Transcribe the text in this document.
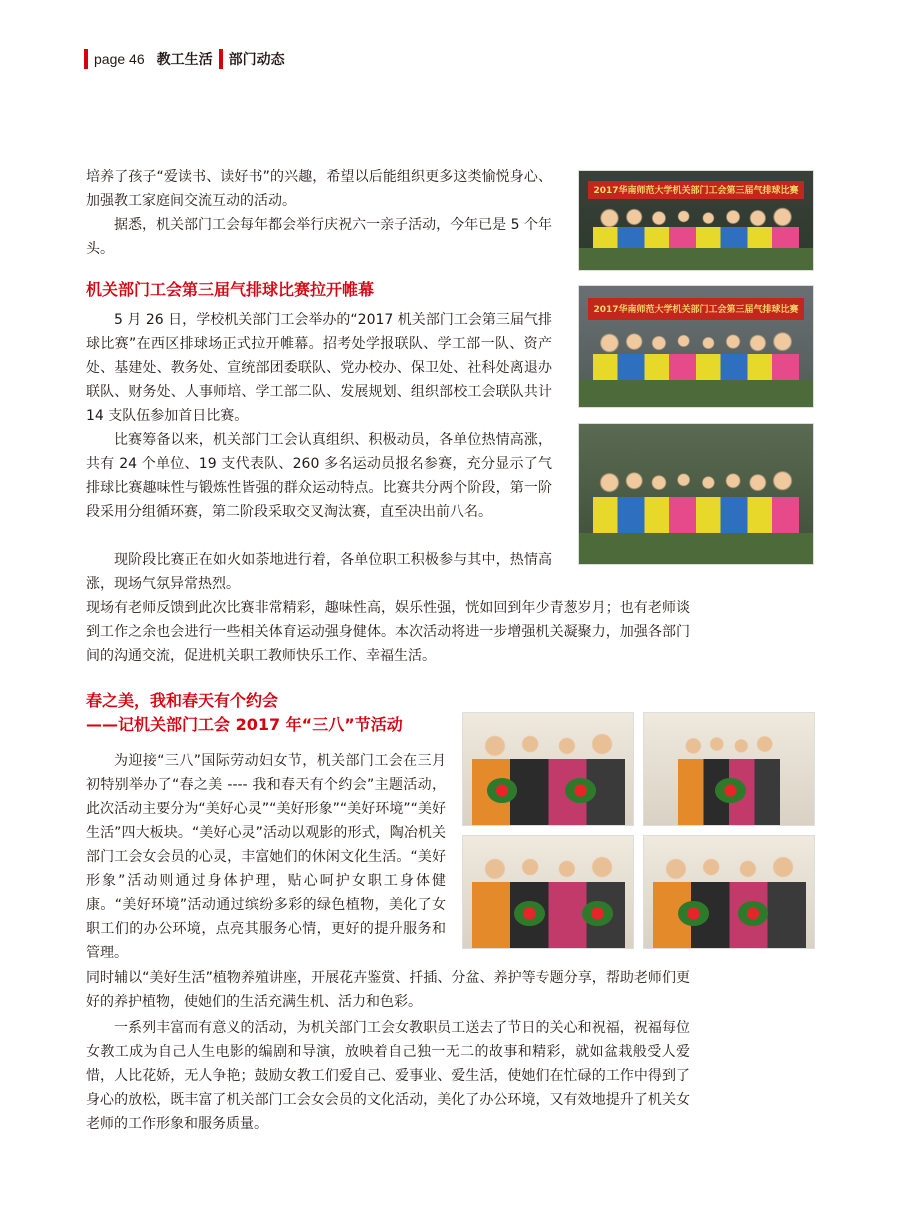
page 46 教工生活 部门动态

培养了孩子“爱读书、读好书”的兴趣，希望以后能组织更多这类愉悦身心、加强教工家庭间交流互动的活动。

据悉，机关部门工会每年都会举行庆祝六一亲子活动，今年已是 5 个年头。

机关部门工会第三届气排球比赛拉开帷幕

5 月 26 日，学校机关部门工会举办的“2017 机关部门工会第三届气排球比赛”在西区排球场正式拉开帷幕。招考处学报联队、学工部一队、资产处、基建处、教务处、宣统部团委联队、党办校办、保卫处、社科处离退办联队、财务处、人事师培、学工部二队、发展规划、组织部校工会联队共计 14 支队伍参加首日比赛。

比赛筹备以来，机关部门工会认真组织、积极动员，各单位热情高涨，共有 24 个单位、19 支代表队、260 多名运动员报名参赛，充分显示了气排球比赛趣味性与锻炼性皆强的群众运动特点。比赛共分两个阶段，第一阶段采用分组循环赛，第二阶段采取交叉淘汰赛，直至决出前八名。

现阶段比赛正在如火如荼地进行着，各单位职工积极参与其中，热情高涨，现场气氛异常热烈。

现场有老师反馈到此次比赛非常精彩，趣味性高，娱乐性强，恍如回到年少青葱岁月；也有老师谈到工作之余也会进行一些相关体育运动强身健体。本次活动将进一步增强机关凝聚力，加强各部门间的沟通交流，促进机关职工教师快乐工作、幸福生活。

2017华南师范大学机关部门工会第三届气排球比赛
2017华南师范大学机关部门工会第三届气排球比赛
春之美，我和春天有个约会
——记机关部门工会 2017 年“三八”节活动

为迎接“三八”国际劳动妇女节，机关部门工会在三月初特别举办了“春之美 ---- 我和春天有个约会”主题活动， 此次活动主要分为“美好心灵”“美好形象”“美好环境”“美好生活”四大板块。“美好心灵”活动以观影的形式，陶冶机关部门工会女会员的心灵，丰富她们的休闲文化生活。“美好形象”活动则通过身体护理，贴心呵护女职工身体健康。“美好环境”活动通过缤纷多彩的绿色植物，美化了女职工们的办公环境，点亮其服务心情，更好的提升服务和管理。

同时辅以“美好生活”植物养殖讲座，开展花卉鉴赏、扦插、分盆、养护等专题分享，帮助老师们更好的养护植物，使她们的生活充满生机、活力和色彩。

一系列丰富而有意义的活动，为机关部门工会女教职员工送去了节日的关心和祝福，祝福每位女教工成为自己人生电影的编剧和导演，放映着自己独一无二的故事和精彩，就如盆栽般受人爱惜，人比花娇，无人争艳；鼓励女教工们爱自己、爱事业、爱生活，使她们在忙碌的工作中得到了身心的放松，既丰富了机关部门工会女会员的文化活动，美化了办公环境，又有效地提升了机关女老师的工作形象和服务质量。
